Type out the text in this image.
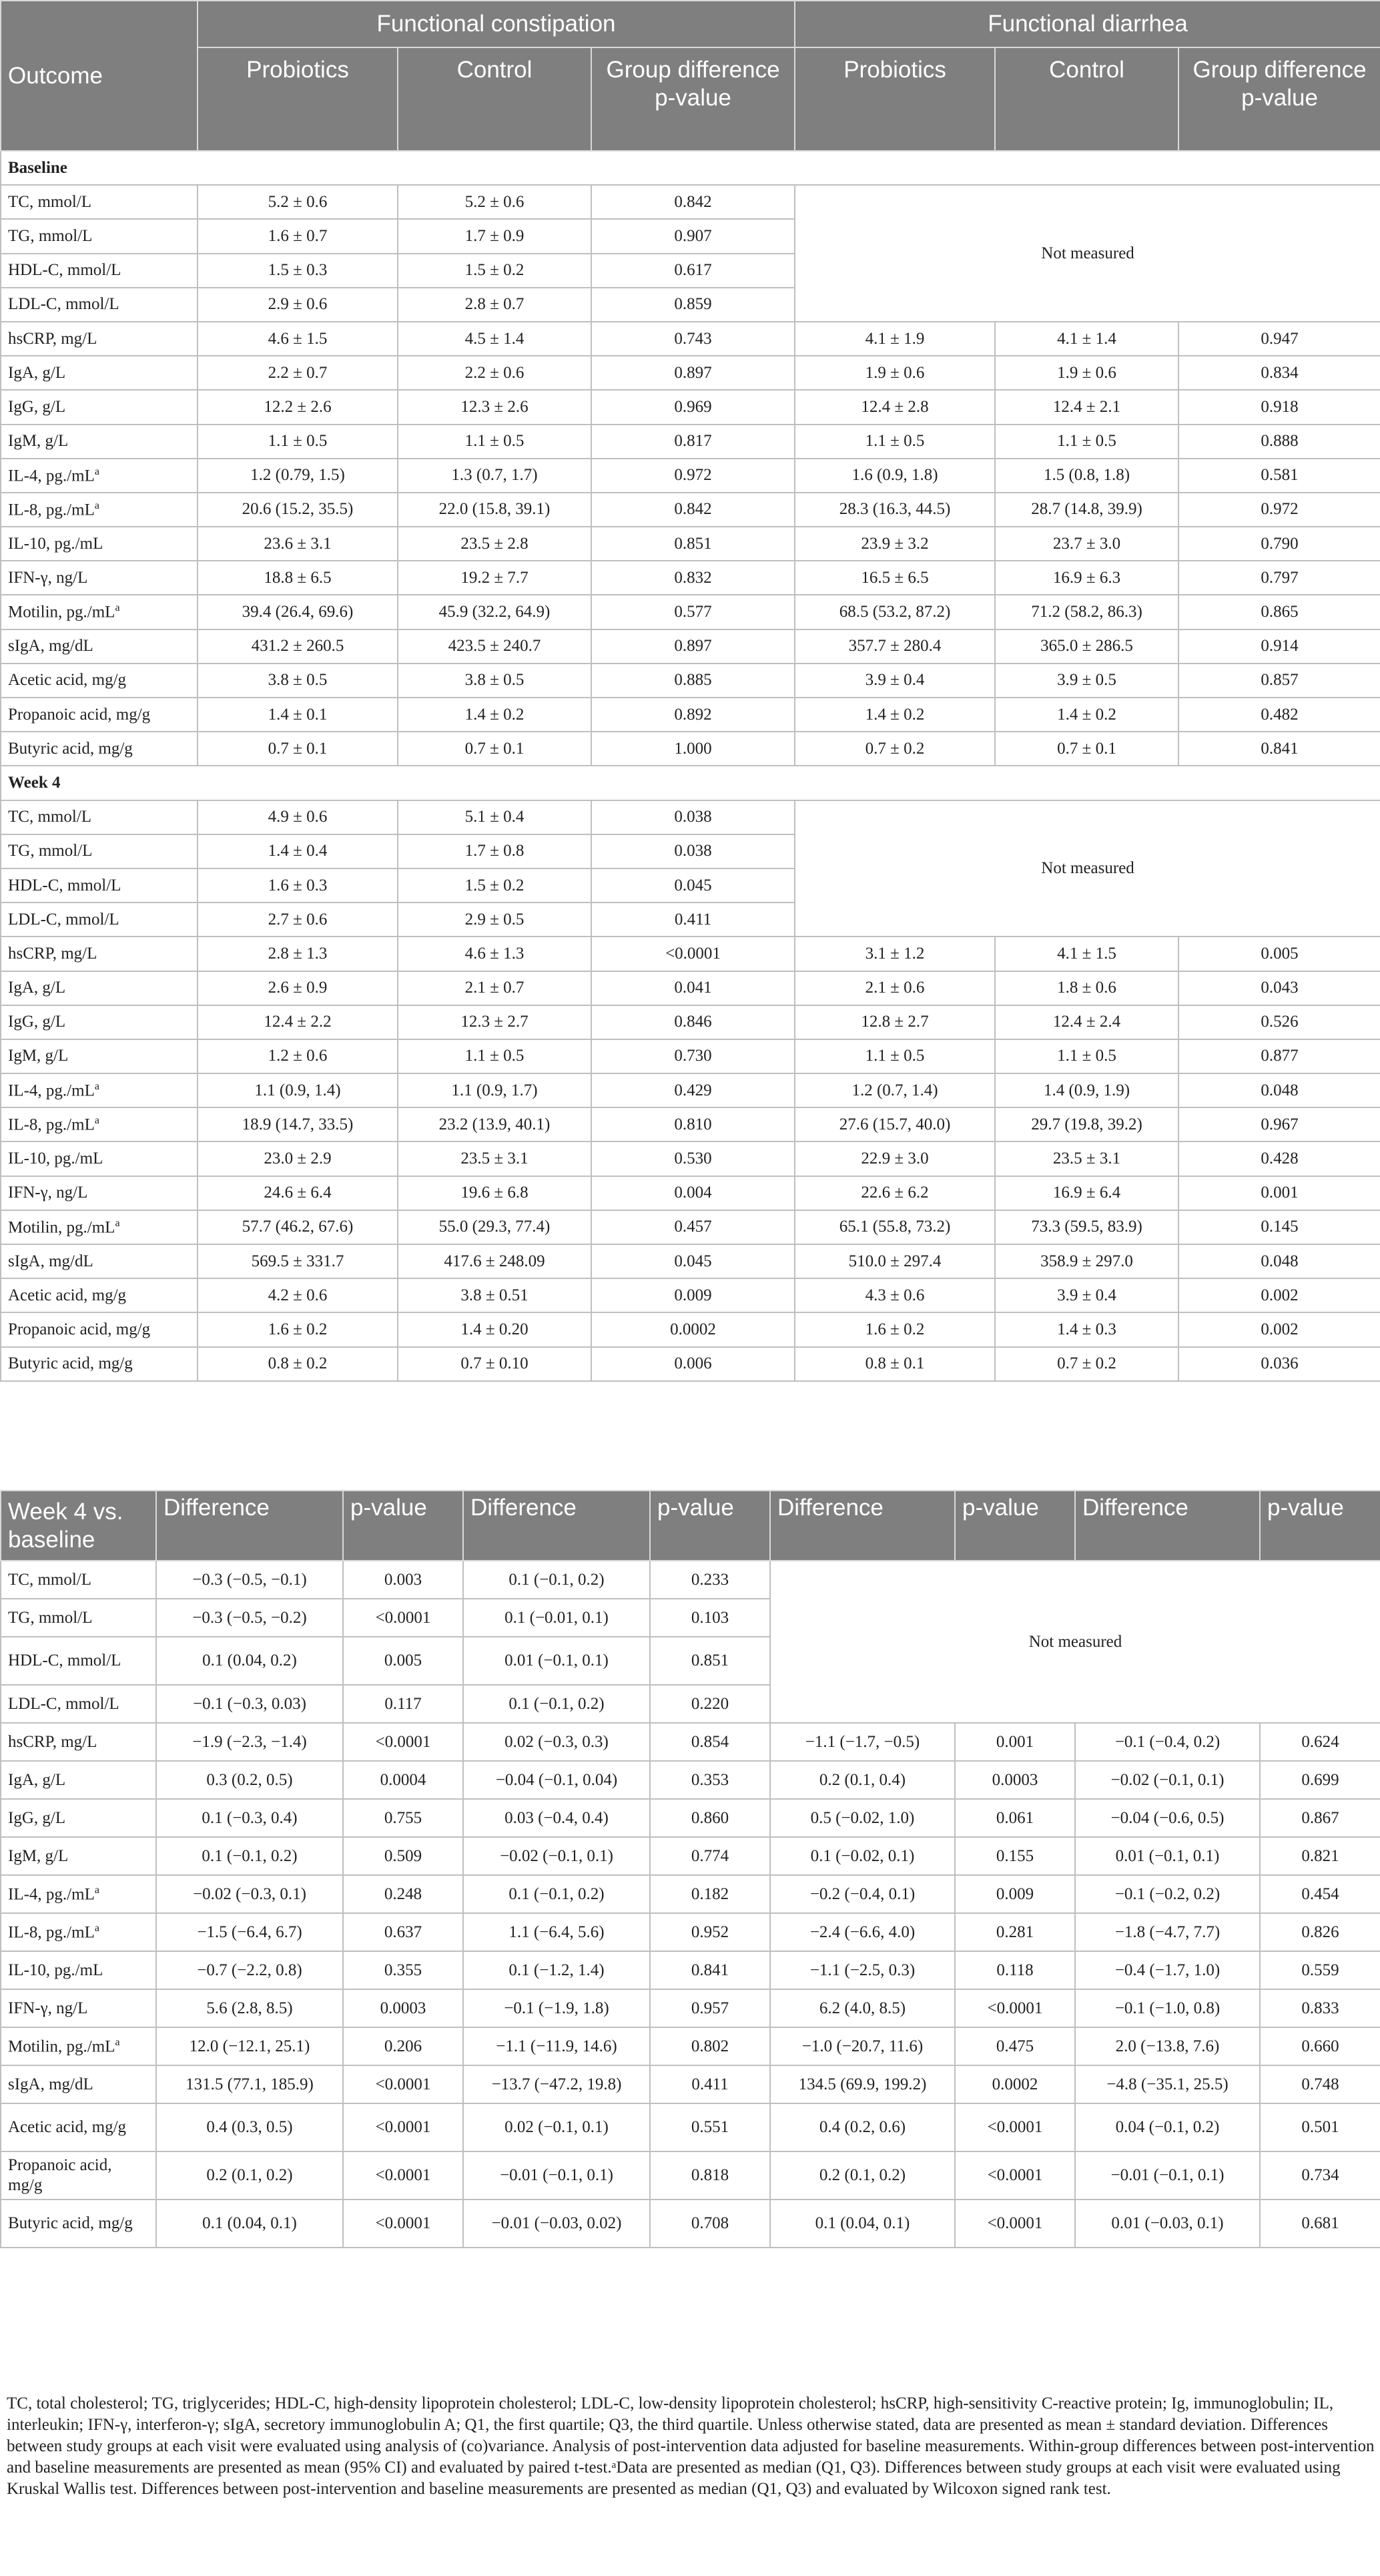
Outcome	Functional constipation			Functional diarrhea		
	Probiotics	Control	Group difference p-value	Probiotics	Control	Group difference p-value
Baseline						
TC, mmol/L	5.2 ± 0.6	5.2 ± 0.6	0.842	Not measured		
TG, mmol/L	1.6 ± 0.7	1.7 ± 0.9	0.907			
HDL-C, mmol/L	1.5 ± 0.3	1.5 ± 0.2	0.617			
LDL-C, mmol/L	2.9 ± 0.6	2.8 ± 0.7	0.859			
hsCRP, mg/L	4.6 ± 1.5	4.5 ± 1.4	0.743	4.1 ± 1.9	4.1 ± 1.4	0.947
IgA, g/L	2.2 ± 0.7	2.2 ± 0.6	0.897	1.9 ± 0.6	1.9 ± 0.6	0.834
IgG, g/L	12.2 ± 2.6	12.3 ± 2.6	0.969	12.4 ± 2.8	12.4 ± 2.1	0.918
IgM, g/L	1.1 ± 0.5	1.1 ± 0.5	0.817	1.1 ± 0.5	1.1 ± 0.5	0.888
IL-4, $pg./mL^a$	1.2 (0.79, 1.5)	1.3 (0.7, 1.7)	0.972	1.6 (0.9, 1.8)	1.5 (0.8, 1.8)	0.581
IL-8, $pg./mL^a$	20.6 (15.2, 35.5)	22.0 (15.8, 39.1)	0.842	28.3 (16.3, 44.5)	28.7 (14.8, 39.9)	0.972
IL-10, pg./mL	23.6 ± 3.1	23.5 ± 2.8	0.851	23.9 ± 3.2	23.7 ± 3.0	0.790
IFN-γ, ng/L	18.8 ± 6.5	19.2 ± 7.7	0.832	16.5 ± 6.5	16.9 ± 6.3	0.797
Motilin, $pg./mL^a$	39.4 (26.4, 69.6)	45.9 (32.2, 64.9)	0.577	68.5 (53.2, 87.2)	71.2 (58.2, 86.3)	0.865
sIgA, mg/dL	431.2 ± 260.5	423.5 ± 240.7	0.897	357.7 ± 280.4	365.0 ± 286.5	0.914
Acetic acid, mg/g	3.8 ± 0.5	3.8 ± 0.5	0.885	3.9 ± 0.4	3.9 ± 0.5	0.857
Propanoic acid, mg/g	1.4 ± 0.1	1.4 ± 0.2	0.892	1.4 ± 0.2	1.4 ± 0.2	0.482
Butyric acid, mg/g	0.7 ± 0.1	0.7 ± 0.1	1.000	0.7 ± 0.2	0.7 ± 0.1	0.841
Week 4						
TC, mmol/L	4.9 ± 0.6	5.1 ± 0.4	0.038	Not measured		
TG, mmol/L	1.4 ± 0.4	1.7 ± 0.8	0.038			
HDL-C, mmol/L	1.6 ± 0.3	1.5 ± 0.2	0.045			
LDL-C, mmol/L	2.7 ± 0.6	2.9 ± 0.5	0.411			
hsCRP, mg/L	2.8 ± 1.3	4.6 ± 1.3	<0.0001	3.1 ± 1.2	4.1 ± 1.5	0.005
IgA, g/L	2.6 ± 0.9	2.1 ± 0.7	0.041	2.1 ± 0.6	1.8 ± 0.6	0.043
IgG, g/L	12.4 ± 2.2	12.3 ± 2.7	0.846	12.8 ± 2.7	12.4 ± 2.4	0.526
IgM, g/L	1.2 ± 0.6	1.1 ± 0.5	0.730	1.1 ± 0.5	1.1 ± 0.5	0.877
IL-4, $pg./mL^a$	1.1 (0.9, 1.4)	1.1 (0.9, 1.7)	0.429	1.2 (0.7, 1.4)	1.4 (0.9, 1.9)	0.048
IL-8, $pg./mL^a$	18.9 (14.7, 33.5)	23.2 (13.9, 40.1)	0.810	27.6 (15.7, 40.0)	29.7 (19.8, 39.2)	0.967
IL-10, pg./mL	23.0 ± 2.9	23.5 ± 3.1	0.530	22.9 ± 3.0	23.5 ± 3.1	0.428
IFN-γ, ng/L	24.6 ± 6.4	19.6 ± 6.8	0.004	22.6 ± 6.2	16.9 ± 6.4	0.001
Motilin, $pg./mL^a$	57.7 (46.2, 67.6)	55.0 (29.3, 77.4)	0.457	65.1 (55.8, 73.2)	73.3 (59.5, 83.9)	0.145
sIgA, mg/dL	569.5 ± 331.7	417.6 ± 248.09	0.045	510.0 ± 297.4	358.9 ± 297.0	0.048
Acetic acid, mg/g	4.2 ± 0.6	3.8 ± 0.51	0.009	4.3 ± 0.6	3.9 ± 0.4	0.002
Propanoic acid, mg/g	1.6 ± 0.2	1.4 ± 0.20	0.0002	1.6 ± 0.2	1.4 ± 0.3	0.002
Butyric acid, mg/g	0.8 ± 0.2	0.7 ± 0.10	0.006	0.8 ± 0.1	0.7 ± 0.2	0.036
Week 4 vs. baseline	Difference	p-value	Difference	p-value	Difference	p-value	Difference	p-value
TC, mmol/L	−0.3 (−0.5, −0.1)	0.003	0.1 (−0.1, 0.2)	0.233	Not measured			
TG, mmol/L	−0.3 (−0.5, −0.2)	<0.0001	0.1 (−0.01, 0.1)	0.103				
HDL-C, mmol/L	0.1 (0.04, 0.2)	0.005	0.01 (−0.1, 0.1)	0.851				
LDL-C, mmol/L	−0.1 (−0.3, 0.03)	0.117	0.1 (−0.1, 0.2)	0.220				
hsCRP, mg/L	−1.9 (−2.3, −1.4)	<0.0001	0.02 (−0.3, 0.3)	0.854	−1.1 (−1.7, −0.5)	0.001	−0.1 (−0.4, 0.2)	0.624
IgA, g/L	0.3 (0.2, 0.5)	0.0004	−0.04 (−0.1, 0.04)	0.353	0.2 (0.1, 0.4)	0.0003	−0.02 (−0.1, 0.1)	0.699
IgG, g/L	0.1 (−0.3, 0.4)	0.755	0.03 (−0.4, 0.4)	0.860	0.5 (−0.02, 1.0)	0.061	−0.04 (−0.6, 0.5)	0.867
IgM, g/L	0.1 (−0.1, 0.2)	0.509	−0.02 (−0.1, 0.1)	0.774	0.1 (−0.02, 0.1)	0.155	0.01 (−0.1, 0.1)	0.821
IL-4, $pg./mL^a$	−0.02 (−0.3, 0.1)	0.248	0.1 (−0.1, 0.2)	0.182	−0.2 (−0.4, 0.1)	0.009	−0.1 (−0.2, 0.2)	0.454
IL-8, $pg./mL^a$	−1.5 (−6.4, 6.7)	0.637	1.1 (−6.4, 5.6)	0.952	−2.4 (−6.6, 4.0)	0.281	−1.8 (−4.7, 7.7)	0.826
IL-10, pg./mL	−0.7 (−2.2, 0.8)	0.355	0.1 (−1.2, 1.4)	0.841	−1.1 (−2.5, 0.3)	0.118	−0.4 (−1.7, 1.0)	0.559
IFN-γ, ng/L	5.6 (2.8, 8.5)	0.0003	−0.1 (−1.9, 1.8)	0.957	6.2 (4.0, 8.5)	<0.0001	−0.1 (−1.0, 0.8)	0.833
Motilin, $pg./mL^a$	12.0 (−12.1, 25.1)	0.206	−1.1 (−11.9, 14.6)	0.802	−1.0 (−20.7, 11.6)	0.475	2.0 (−13.8, 7.6)	0.660
sIgA, mg/dL	131.5 (77.1, 185.9)	<0.0001	−13.7 (−47.2, 19.8)	0.411	134.5 (69.9, 199.2)	0.0002	−4.8 (−35.1, 25.5)	0.748
Acetic acid, mg/g	0.4 (0.3, 0.5)	<0.0001	0.02 (−0.1, 0.1)	0.551	0.4 (0.2, 0.6)	<0.0001	0.04 (−0.1, 0.2)	0.501
Propanoic acid, mg/g	0.2 (0.1, 0.2)	<0.0001	−0.01 (−0.1, 0.1)	0.818	0.2 (0.1, 0.2)	<0.0001	−0.01 (−0.1, 0.1)	0.734
Butyric acid, mg/g	0.1 (0.04, 0.1)	<0.0001	−0.01 (−0.03, 0.02)	0.708	0.1 (0.04, 0.1)	<0.0001	0.01 (−0.03, 0.1)	0.681
TC, total cholesterol; TG, triglycerides; HDL-C, high-density lipoprotein cholesterol; LDL-C, low-density lipoprotein cholesterol; hsCRP, high-sensitivity C-reactive protein; Ig, immunoglobulin; IL, interleukin; IFN-γ, interferon-γ; sIgA, secretory immunoglobulin A; Q1, the first quartile; Q3, the third quartile. Unless otherwise stated, data are presented as mean ± standard deviation. Differences between study groups at each visit were evaluated using analysis of (co)variance. Analysis of post-intervention data adjusted for baseline measurements. Within-group differences between post-intervention and baseline measurements are presented as mean (95% CI) and evaluated by paired t-test.ᵃData are presented as median (Q1, Q3). Differences between study groups at each visit were evaluated using Kruskal Wallis test. Differences between post-intervention and baseline measurements are presented as median (Q1, Q3) and evaluated by Wilcoxon signed rank test.
